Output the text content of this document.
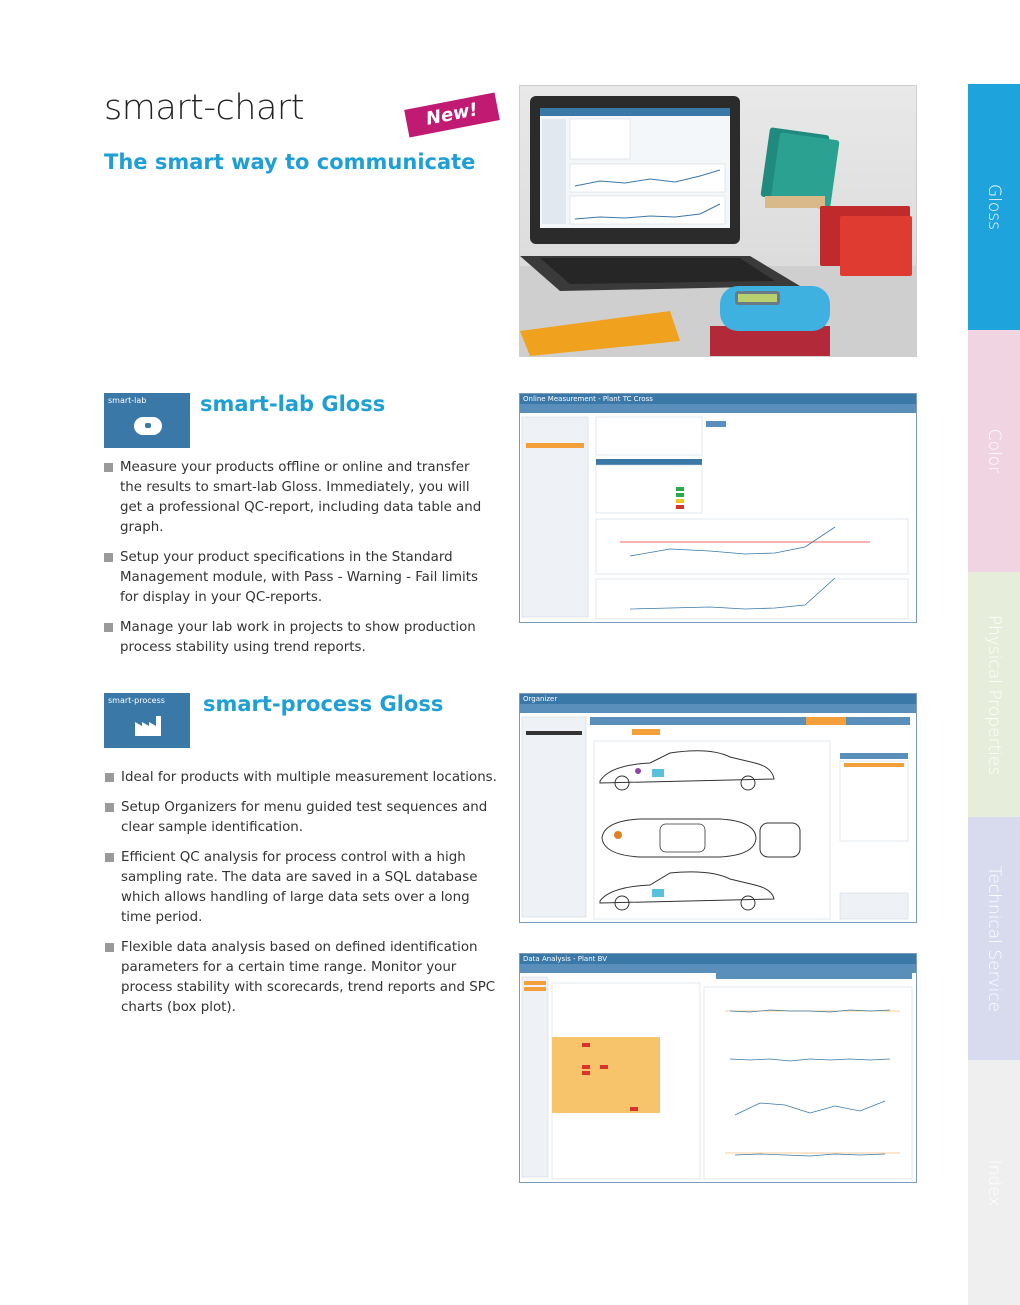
Gloss
Color
Physical Properties
Technical Service
Index
smart-chart	New!
The smart way to communicate
smart-lab	smart-lab Gloss
Measure your products offline or online and transfer the results to smart-lab Gloss. Immediately, you will get a professional QC-report, including data table and graph.
Setup your product specifications in the Standard Management module, with Pass - Warning - Fail limits for display in your QC-reports.
Manage your lab work in projects to show production process stability using trend reports.
Online Measurement - Plant TC Cross
smart-process smart-process Gloss
Ideal for products with multiple measurement locations.
Setup Organizers for menu guided test sequences and clear sample identification.
Efficient QC analysis for process control with a high sampling rate. The data are saved in a SQL database which allows handling of large data sets over a long time period.
Flexible data analysis based on defined identification parameters for a certain time range. Monitor your process stability with scorecards, trend reports and SPC charts (box plot).
Organizer
Data Analysis - Plant BV
